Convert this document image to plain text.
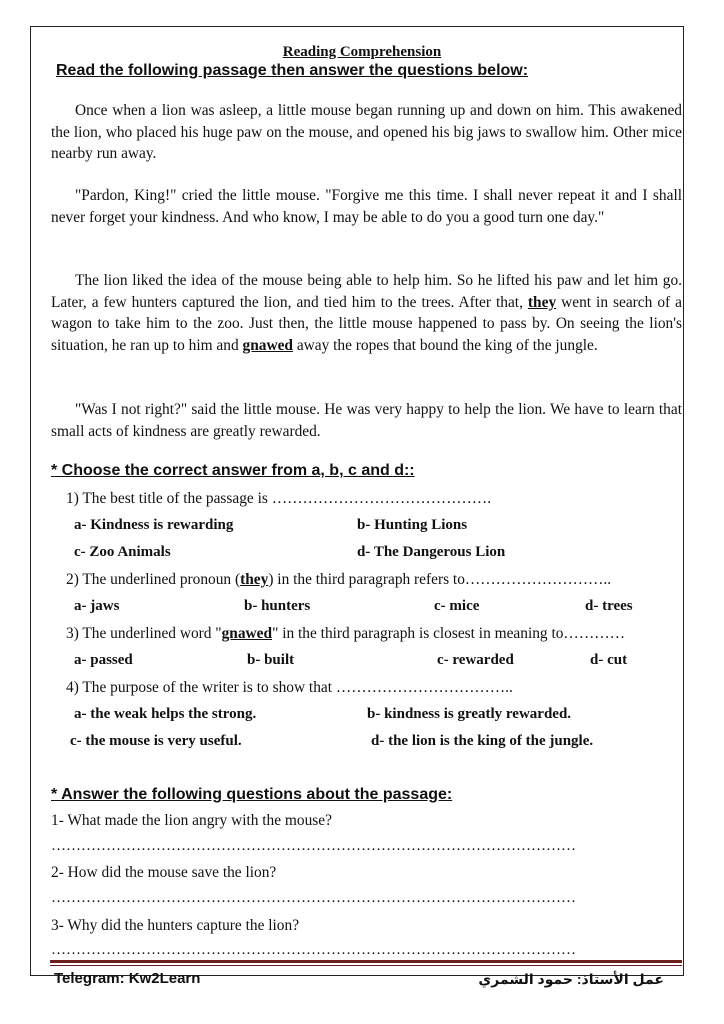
Reading Comprehension
Read the following passage then answer the questions below:

Once when a lion was asleep, a little mouse began running up and down on him. This awakened the lion, who placed his huge paw on the mouse, and opened his big jaws to swallow him. Other mice nearby run away.

"Pardon, King!" cried the little mouse. "Forgive me this time. I shall never repeat it and I shall never forget your kindness. And who know, I may be able to do you a good turn one day."

The lion liked the idea of the mouse being able to help him. So he lifted his paw and let him go. Later, a few hunters captured the lion, and tied him to the trees. After that, they went in search of a wagon to take him to the zoo. Just then, the little mouse happened to pass by. On seeing the lion's situation, he ran up to him and gnawed away the ropes that bound the king of the jungle.

"Was I not right?" said the little mouse. He was very happy to help the lion. We have to learn that small acts of kindness are greatly rewarded.

* Choose the correct answer from a, b, c and d::
1) The best title of the passage is …………………………………….
a- Kindness is rewarding	b- Hunting Lions
c- Zoo Animals	d- The Dangerous Lion
2) The underlined pronoun (they) in the third paragraph refers to………………………..
a- jaws	b- hunters	c- mice	d- trees
3) The underlined word "gnawed" in the third paragraph is closest in meaning to…………
a- passed	b- built	c- rewarded	d- cut
4) The purpose of the writer is to show that ……………………………..
a- the weak helps the strong.	b- kindness is greatly rewarded.
c- the mouse is very useful.	d- the lion is the king of the jungle.
* Answer the following questions about the passage:
1- What made the lion angry with the mouse?
……………………………………………………………………………………………
2- How did the mouse save the lion?
……………………………………………………………………………………………
3- Why did the hunters capture the lion?
……………………………………………………………………………………………
Telegram: Kw2Learn	عمل الأستاذ: حمود الشمري
